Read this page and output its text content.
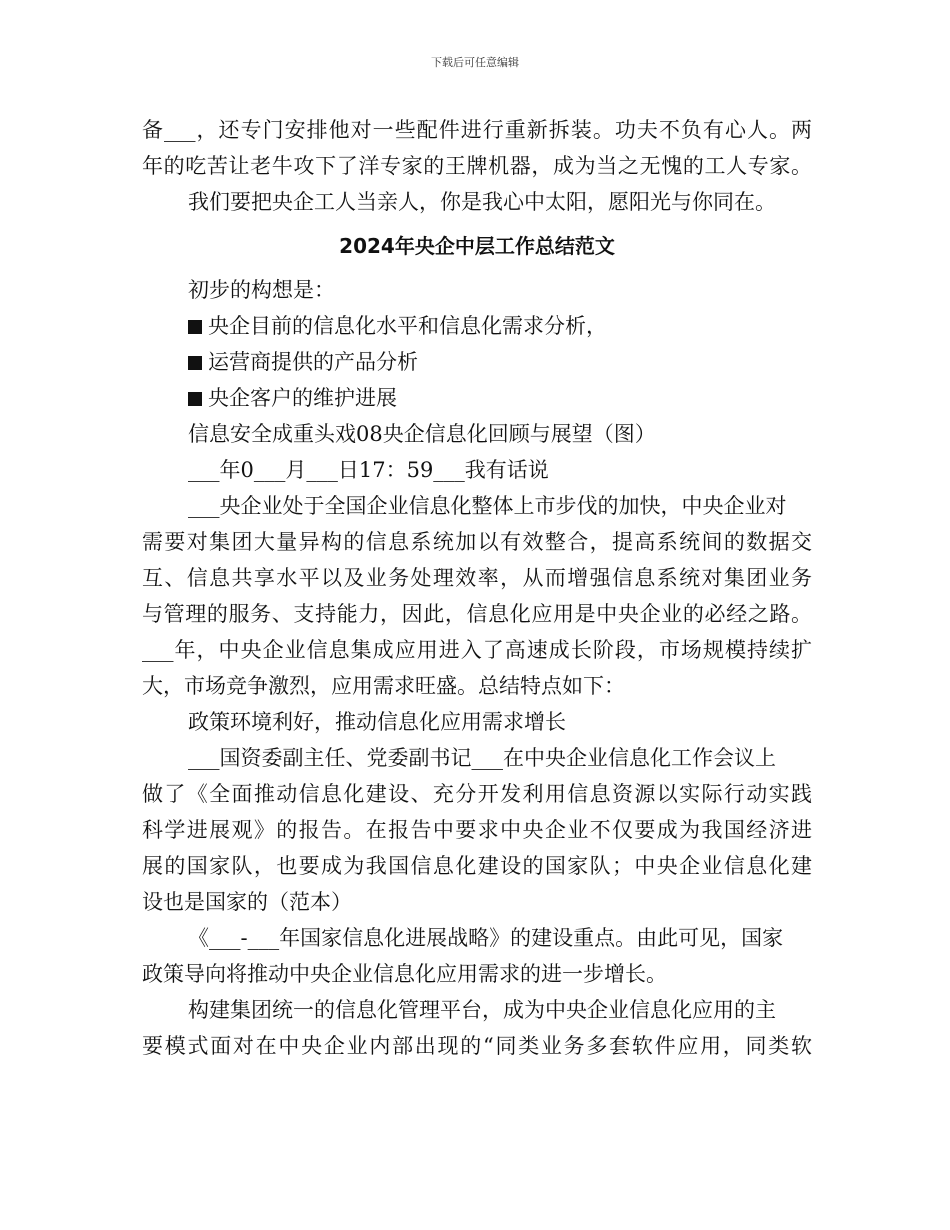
下载后可任意编辑
备___，还专门安排他对一些配件进行重新拆装。功夫不负有心人。两
年的吃苦让老牛攻下了洋专家的王牌机器，成为当之无愧的工人专家。
我们要把央企工人当亲人，你是我心中太阳，愿阳光与你同在。
2024年央企中层工作总结范文
初步的构想是：
央企目前的信息化水平和信息化需求分析，
运营商提供的产品分析
央企客户的维护进展
信息安全成重头戏08央企信息化回顾与展望（图）
___年0___月___日17：59___我有话说
___央企业处于全国企业信息化整体上市步伐的加快，中央企业对
需要对集团大量异构的信息系统加以有效整合，提高系统间的数据交
互、信息共享水平以及业务处理效率，从而增强信息系统对集团业务
与管理的服务、支持能力，因此，信息化应用是中央企业的必经之路。
___年，中央企业信息集成应用进入了高速成长阶段，市场规模持续扩
大，市场竞争激烈，应用需求旺盛。总结特点如下：
政策环境利好，推动信息化应用需求增长
___国资委副主任、党委副书记___在中央企业信息化工作会议上
做了《全面推动信息化建设、充分开发利用信息资源以实际行动实践
科学进展观》的报告。在报告中要求中央企业不仅要成为我国经济进
展的国家队，也要成为我国信息化建设的国家队；中央企业信息化建
设也是国家的（范本）
《___-___年国家信息化进展战略》的建设重点。由此可见，国家
政策导向将推动中央企业信息化应用需求的进一步增长。
构建集团统一的信息化管理平台，成为中央企业信息化应用的主
要模式面对在中央企业内部出现的“同类业务多套软件应用，同类软
